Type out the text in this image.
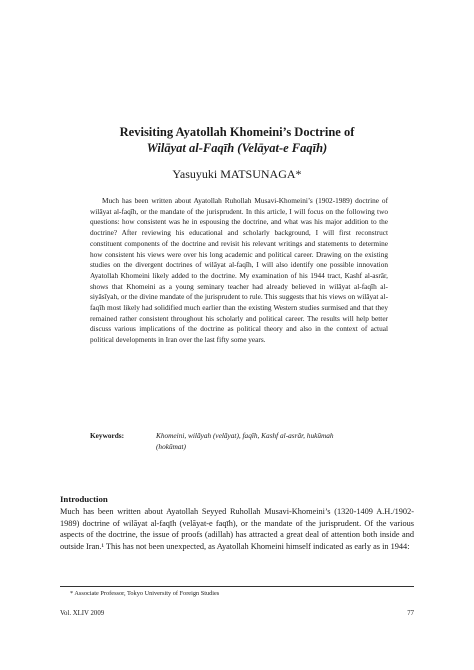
Revisiting Ayatollah Khomeini’s Doctrine of
Wilāyat al-Faqīh (Velāyat-e Faqīh)
Yasuyuki MATSUNAGA*
Much has been written about Ayatollah Ruhollah Musavi-Khomeini’s (1902-1989) doctrine of wilāyat al-faqīh, or the mandate of the jurisprudent. In this article, I will focus on the following two questions: how consistent was he in espousing the doctrine, and what was his major addition to the doctrine? After reviewing his educational and scholarly background, I will first reconstruct constituent components of the doctrine and revisit his relevant writings and statements to determine how consistent his views were over his long academic and political career. Drawing on the existing studies on the divergent doctrines of wilāyat al-faqīh, I will also identify one possible innovation Ayatollah Khomeini likely added to the doctrine. My examination of his 1944 tract, Kashf al-asrār, shows that Khomeini as a young seminary teacher had already believed in wilāyat al-faqīh al-siyāsīyah, or the divine mandate of the jurisprudent to rule. This suggests that his views on wilāyat al-faqīh most likely had solidified much earlier than the existing Western studies surmised and that they remained rather consistent throughout his scholarly and political career. The results will help better discuss various implications of the doctrine as political theory and also in the context of actual political developments in Iran over the last fifty some years.
Keywords:	Khomeini, wilāyah (velāyat), faqīh, Kashf al-asrār, hukūmah
(hokūmat)
Introduction
Much has been written about Ayatollah Seyyed Ruhollah Musavi-Khomeini’s (1320-1409 A.H./1902-1989) doctrine of wilāyat al-faqīh (velāyat-e faqīh), or the mandate of the jurisprudent. Of the various aspects of the doctrine, the issue of proofs (adillah) has attracted a great deal of attention both inside and outside Iran.¹ This has not been unexpected, as Ayatollah Khomeini himself indicated as early as in 1944:
* Associate Professor, Tokyo University of Foreign Studies
Vol. XLIV 2009	77
